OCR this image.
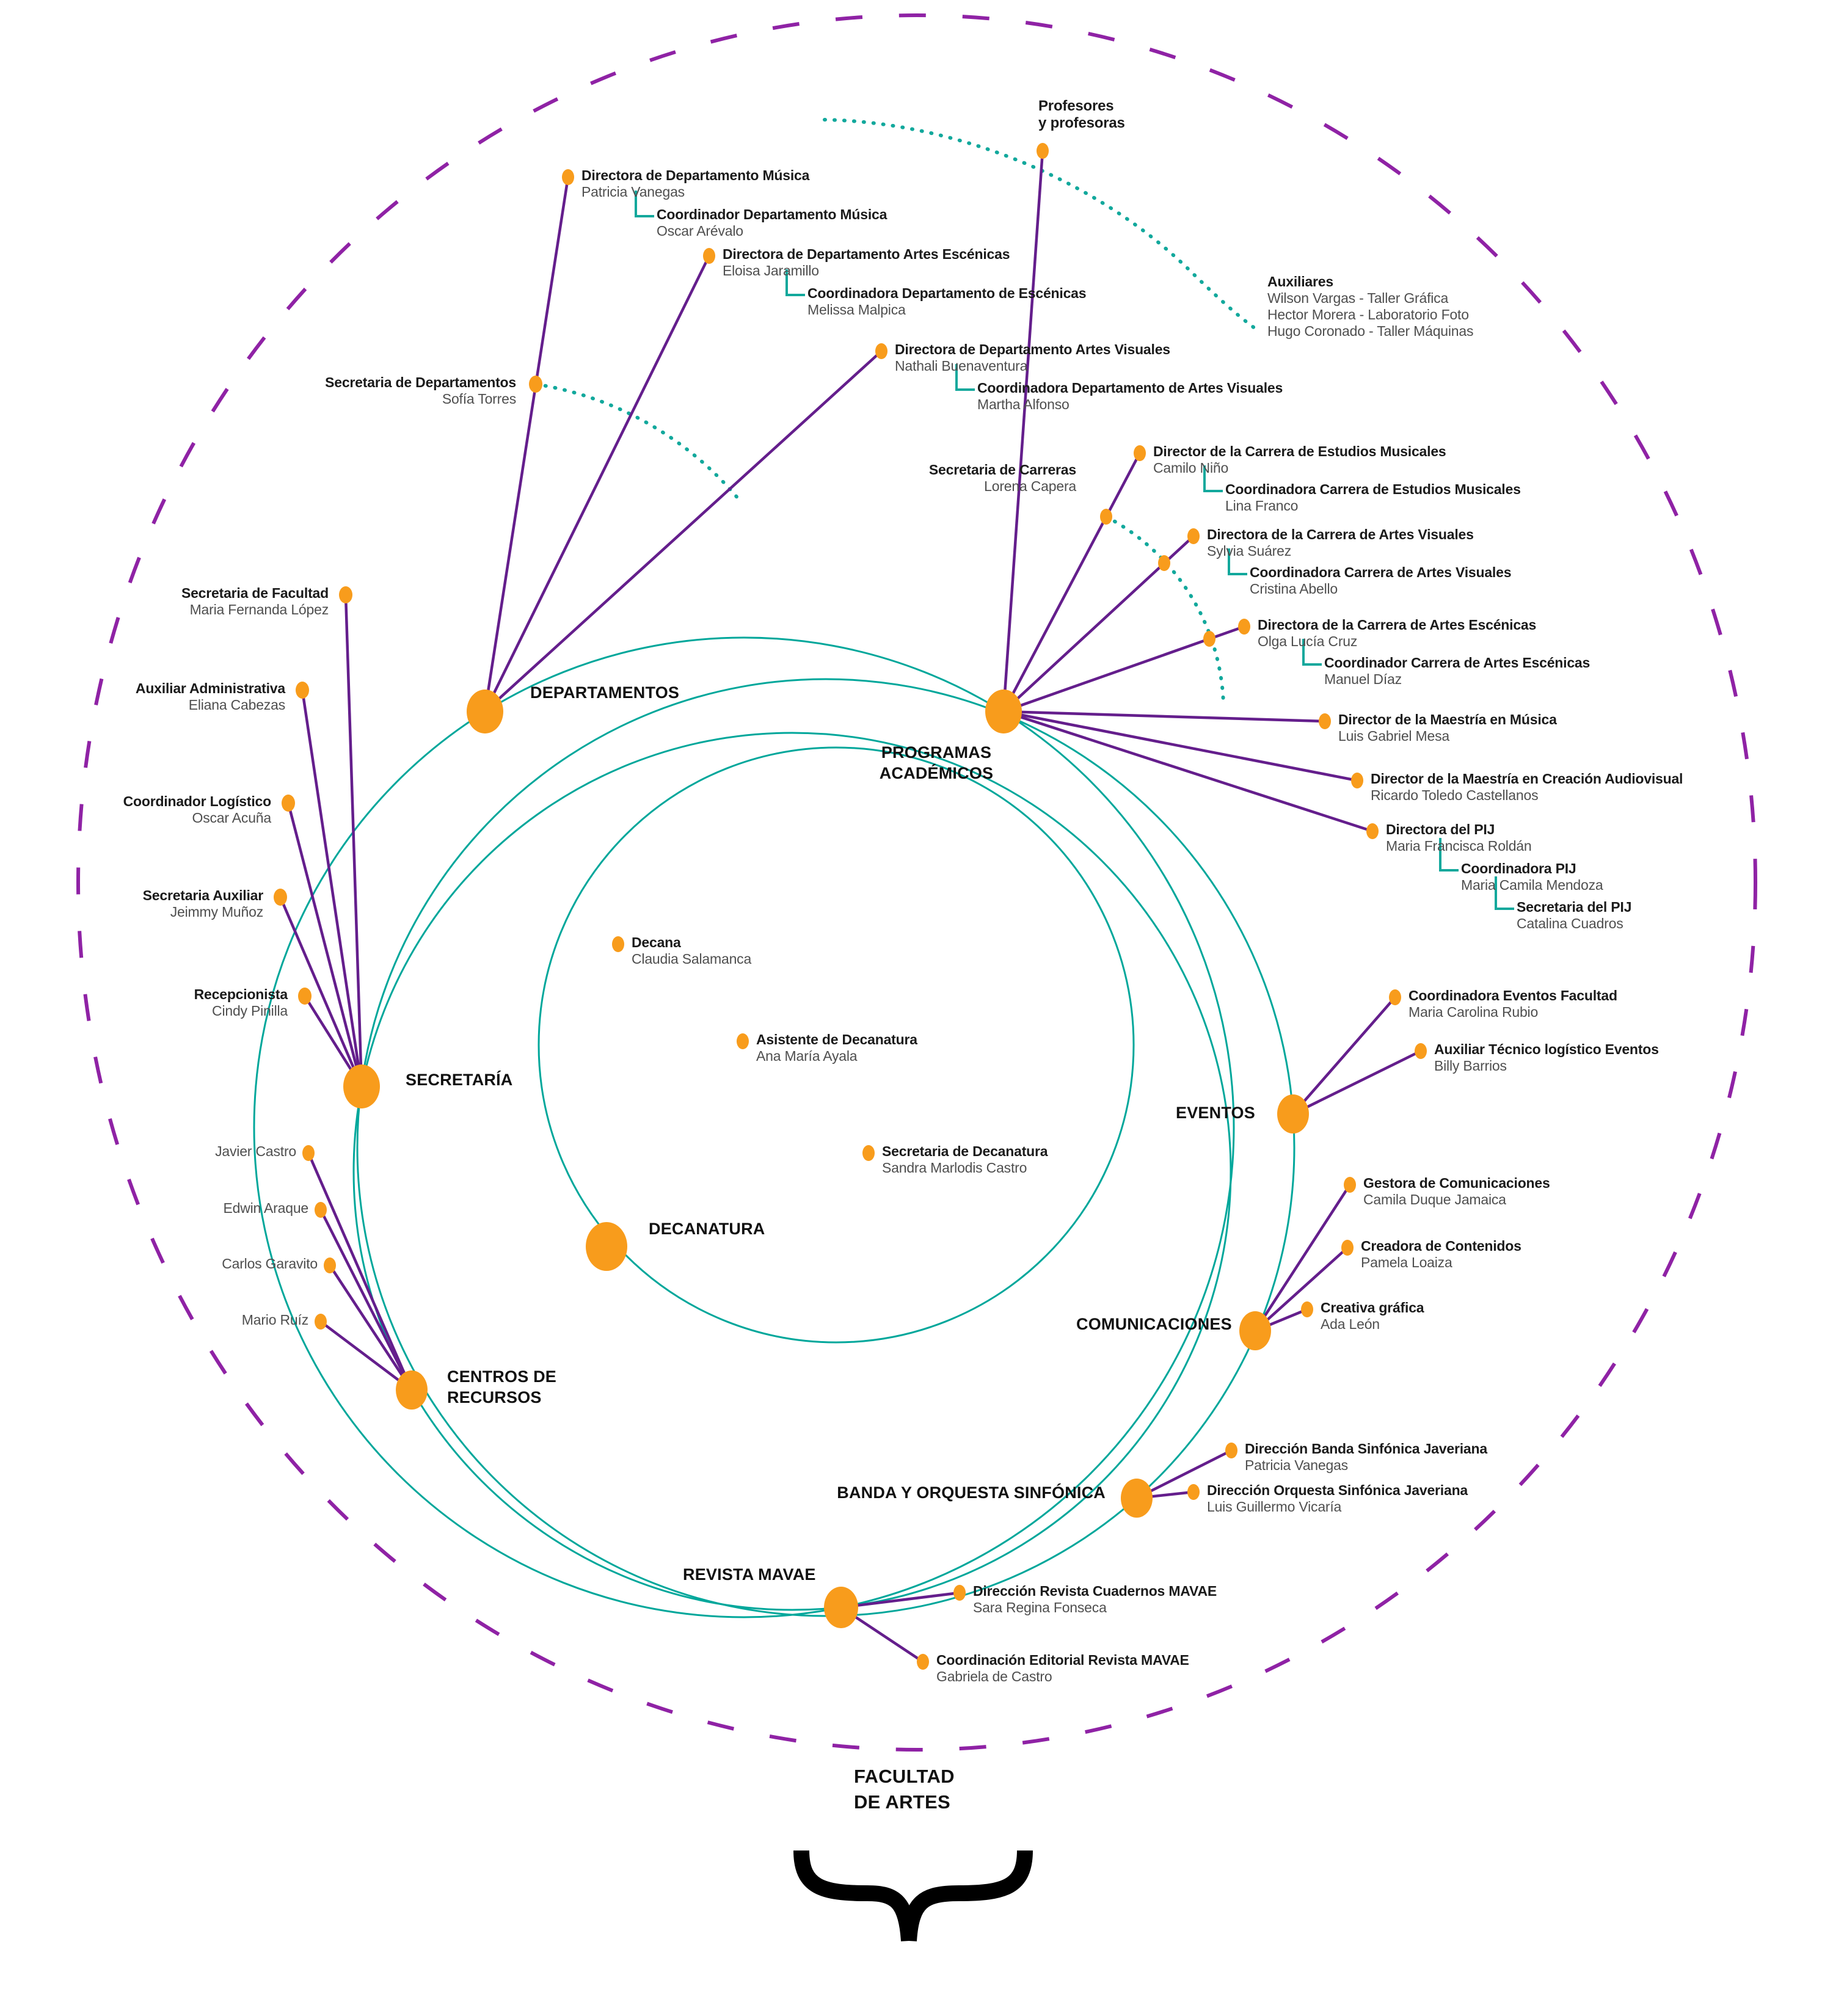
DEPARTAMENTOS
PROGRAMAS
ACADÉMICOS
SECRETARÍA
DECANATURA
EVENTOS
COMUNICACIONES
CENTROS DE
RECURSOS
BANDA Y ORQUESTA SINFÓNICA
REVISTA MAVAE
Directora de Departamento Música
Patricia Vanegas
Coordinador Departamento Música
Oscar Arévalo
Directora de Departamento Artes Escénicas
Eloisa Jaramillo
Coordinadora Departamento de Escénicas
Melissa Malpica
Directora de Departamento Artes Visuales
Nathali Buenaventura
Coordinadora Departamento de Artes Visuales
Martha Alfonso
Secretaria de Departamentos
Sofía Torres
Profesores
y profesoras
Auxiliares
Wilson Vargas - Taller Gráfica
Hector Morera - Laboratorio Foto
Hugo Coronado - Taller Máquinas
Secretaria de Carreras
Lorena Capera
Director de la Carrera de Estudios Musicales
Camilo Niño
Coordinadora Carrera de Estudios Musicales
Lina Franco
Directora de la Carrera de Artes Visuales
Sylvia Suárez
Coordinadora Carrera de Artes Visuales
Cristina Abello
Directora de la Carrera de Artes Escénicas
Olga Lucía Cruz
Coordinador Carrera de Artes Escénicas
Manuel Díaz
Director de la Maestría en Música
Luis Gabriel Mesa
Director de la Maestría en Creación Audiovisual
Ricardo Toledo Castellanos
Directora del PIJ
Maria Francisca Roldán
Coordinadora PIJ
Maria Camila Mendoza
Secretaria del PIJ
Catalina Cuadros
Secretaria de Facultad
Maria Fernanda López
Auxiliar Administrativa
Eliana Cabezas
Coordinador Logístico
Oscar Acuña
Secretaria Auxiliar
Jeimmy Muñoz
Recepcionista
Cindy Pinilla
Javier Castro
Edwin Araque
Carlos Garavito
Mario Ruíz
Decana
Claudia Salamanca
Asistente de Decanatura
Ana María Ayala
Secretaria de Decanatura
Sandra Marlodis Castro
Coordinadora Eventos Facultad
Maria Carolina Rubio
Auxiliar Técnico logístico Eventos
Billy Barrios
Gestora de Comunicaciones
Camila Duque Jamaica
Creadora de Contenidos
Pamela Loaiza
Creativa gráfica
Ada León
Dirección Banda Sinfónica Javeriana
Patricia Vanegas
Dirección Orquesta Sinfónica Javeriana
Luis Guillermo Vicaría
Dirección Revista Cuadernos MAVAE
Sara Regina Fonseca
Coordinación Editorial Revista MAVAE
Gabriela de Castro
FACULTAD
DE ARTES
